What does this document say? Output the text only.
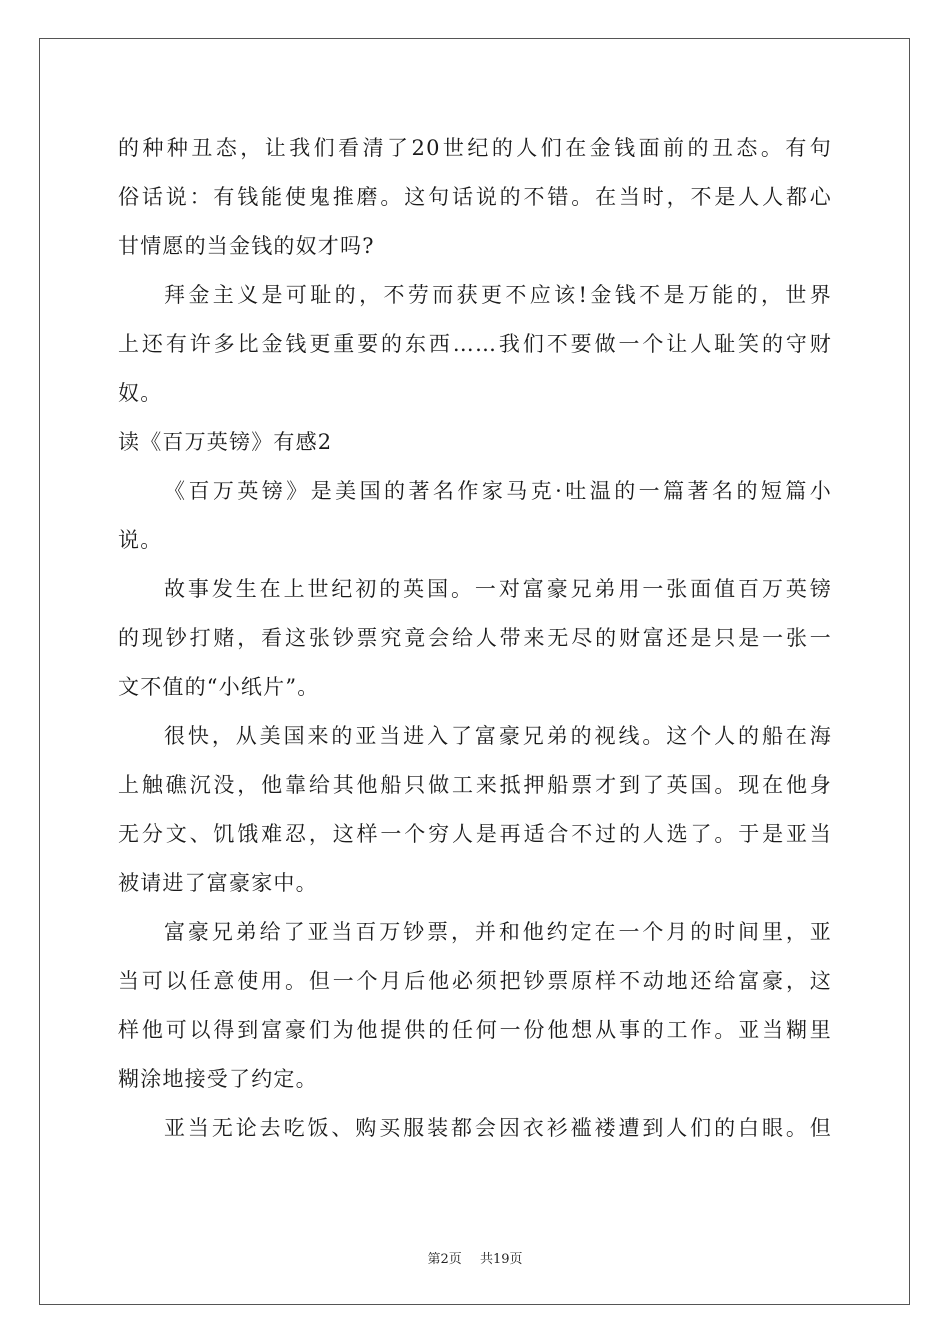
的种种丑态，让我们看清了20世纪的人们在金钱面前的丑态。有句
俗话说：有钱能使鬼推磨。这句话说的不错。在当时，不是人人都心
甘情愿的当金钱的奴才吗?
拜金主义是可耻的，不劳而获更不应该!金钱不是万能的，世界
上还有许多比金钱更重要的东西……我们不要做一个让人耻笑的守财
奴。
读《百万英镑》有感2
《百万英镑》是美国的著名作家马克·吐温的一篇著名的短篇小
说。
故事发生在上世纪初的英国。一对富豪兄弟用一张面值百万英镑
的现钞打赌，看这张钞票究竟会给人带来无尽的财富还是只是一张一
文不值的“小纸片”。
很快，从美国来的亚当进入了富豪兄弟的视线。这个人的船在海
上触礁沉没，他靠给其他船只做工来抵押船票才到了英国。现在他身
无分文、饥饿难忍，这样一个穷人是再适合不过的人选了。于是亚当
被请进了富豪家中。
富豪兄弟给了亚当百万钞票，并和他约定在一个月的时间里，亚
当可以任意使用。但一个月后他必须把钞票原样不动地还给富豪，这
样他可以得到富豪们为他提供的任何一份他想从事的工作。亚当糊里
糊涂地接受了约定。
亚当无论去吃饭、购买服装都会因衣衫褴褛遭到人们的白眼。但
第2页 共19页
